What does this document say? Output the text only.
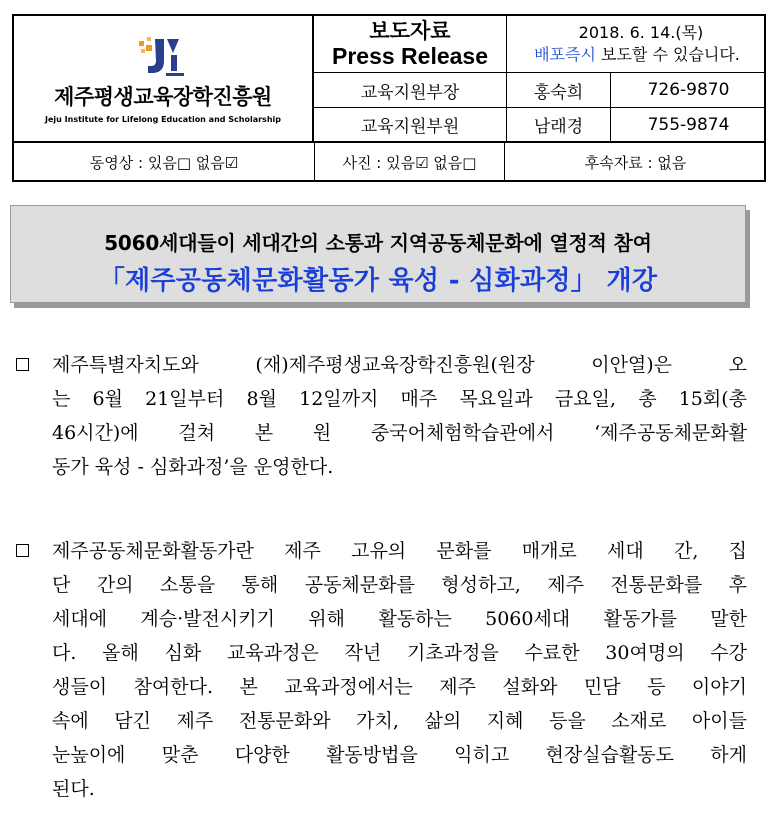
제주평생교육장학진흥원
Jeju Institute for Lifelong Education and Scholarship
보도자료
Press Release
2018. 6. 14.(목)
배포즉시 보도할 수 있습니다.
교육지원부장	홍숙희	726-9870
교육지원부원	남래경	755-9874
동영상 : 있음□ 없음☑	사진 : 있음☑ 없음□	후속자료 : 없음
5060세대들이 세대간의 소통과 지역공동체문화에 열정적 참여
「제주공동체문화활동가 육성 - 심화과정」 개강
제주특별자치도와 (재)제주평생교육장학진흥원(원장 이안열)은 오
는 6월 21일부터 8월 12일까지 매주 목요일과 금요일, 총 15회(총
46시간)에 걸쳐 본 원 중국어체험학습관에서 ‘제주공동체문화활
동가 육성 - 심화과정’을 운영한다.
제주공동체문화활동가란 제주 고유의 문화를 매개로 세대 간, 집
단 간의 소통을 통해 공동체문화를 형성하고, 제주 전통문화를 후
세대에 계승·발전시키기 위해 활동하는 5060세대 활동가를 말한
다. 올해 심화 교육과정은 작년 기초과정을 수료한 30여명의 수강
생들이 참여한다. 본 교육과정에서는 제주 설화와 민담 등 이야기
속에 담긴 제주 전통문화와 가치, 삶의 지혜 등을 소재로 아이들
눈높이에 맞춘 다양한 활동방법을 익히고 현장실습활동도 하게
된다.
